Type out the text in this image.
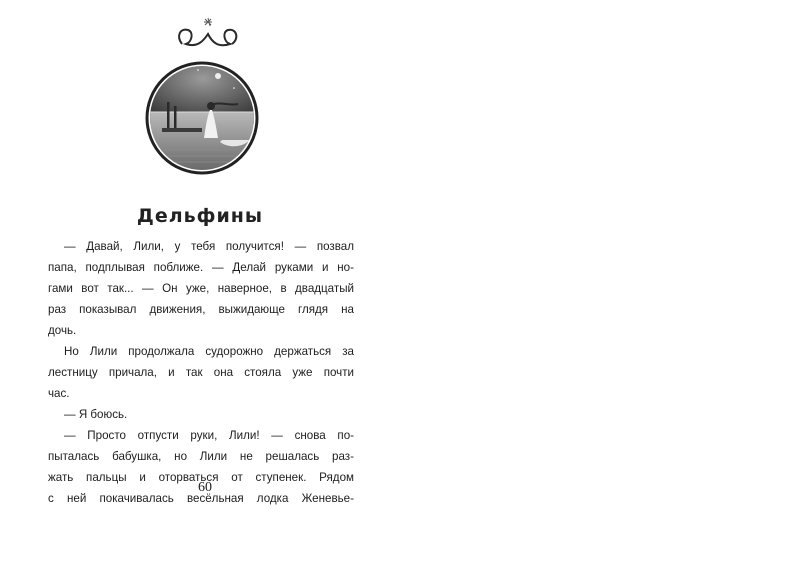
Дельфины
— Давай, Лили, у тебя получится! — позвал
папа, подплывая поближе. — Делай руками и но-
гами вот так... — Он уже, наверное, в двадцатый
раз показывал движения, выжидающе глядя на
дочь.
Но Лили продолжала судорожно держаться за
лестницу причала, и так она стояла уже почти
час.
— Я боюсь.
— Просто отпусти руки, Лили! — снова по-
пыталась бабушка, но Лили не решалась раз-
жать пальцы и оторваться от ступенек. Рядом
с ней покачивалась весёльная лодка Женевье-
60
